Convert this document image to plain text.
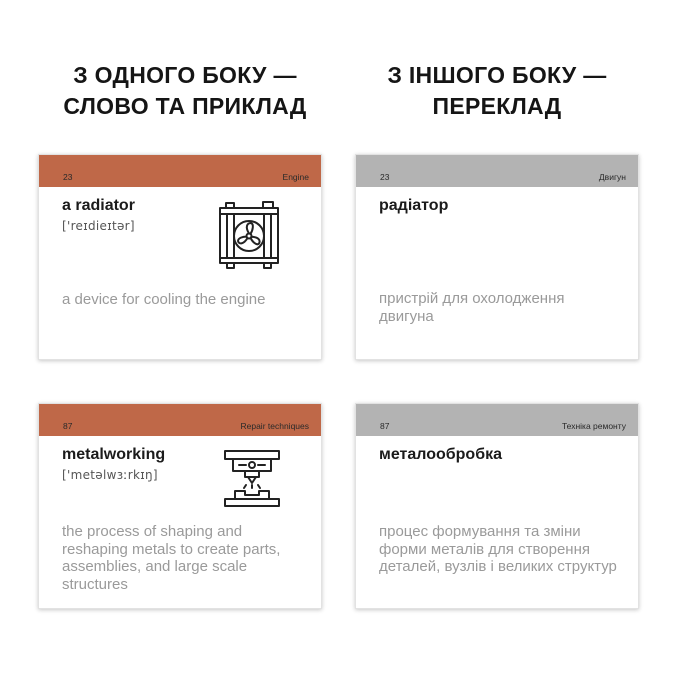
З ОДНОГО БОКУ —
СЛОВО ТА ПРИКЛАД
З ІНШОГО БОКУ —
ПЕРЕКЛАД
23	Engine
a radiator
['reɪdieɪtər]
a device for cooling the engine
23	Двигун
радіатор
пристрій для охолодження двигуна
87	Repair techniques
metalworking
['metəlwɜːrkɪŋ]
the process of shaping and reshaping metals to create parts, assemblies, and large scale structures
87	Техніка ремонту
металообробка
процес формування та зміни форми металів для створення деталей, вузлів і великих структур
